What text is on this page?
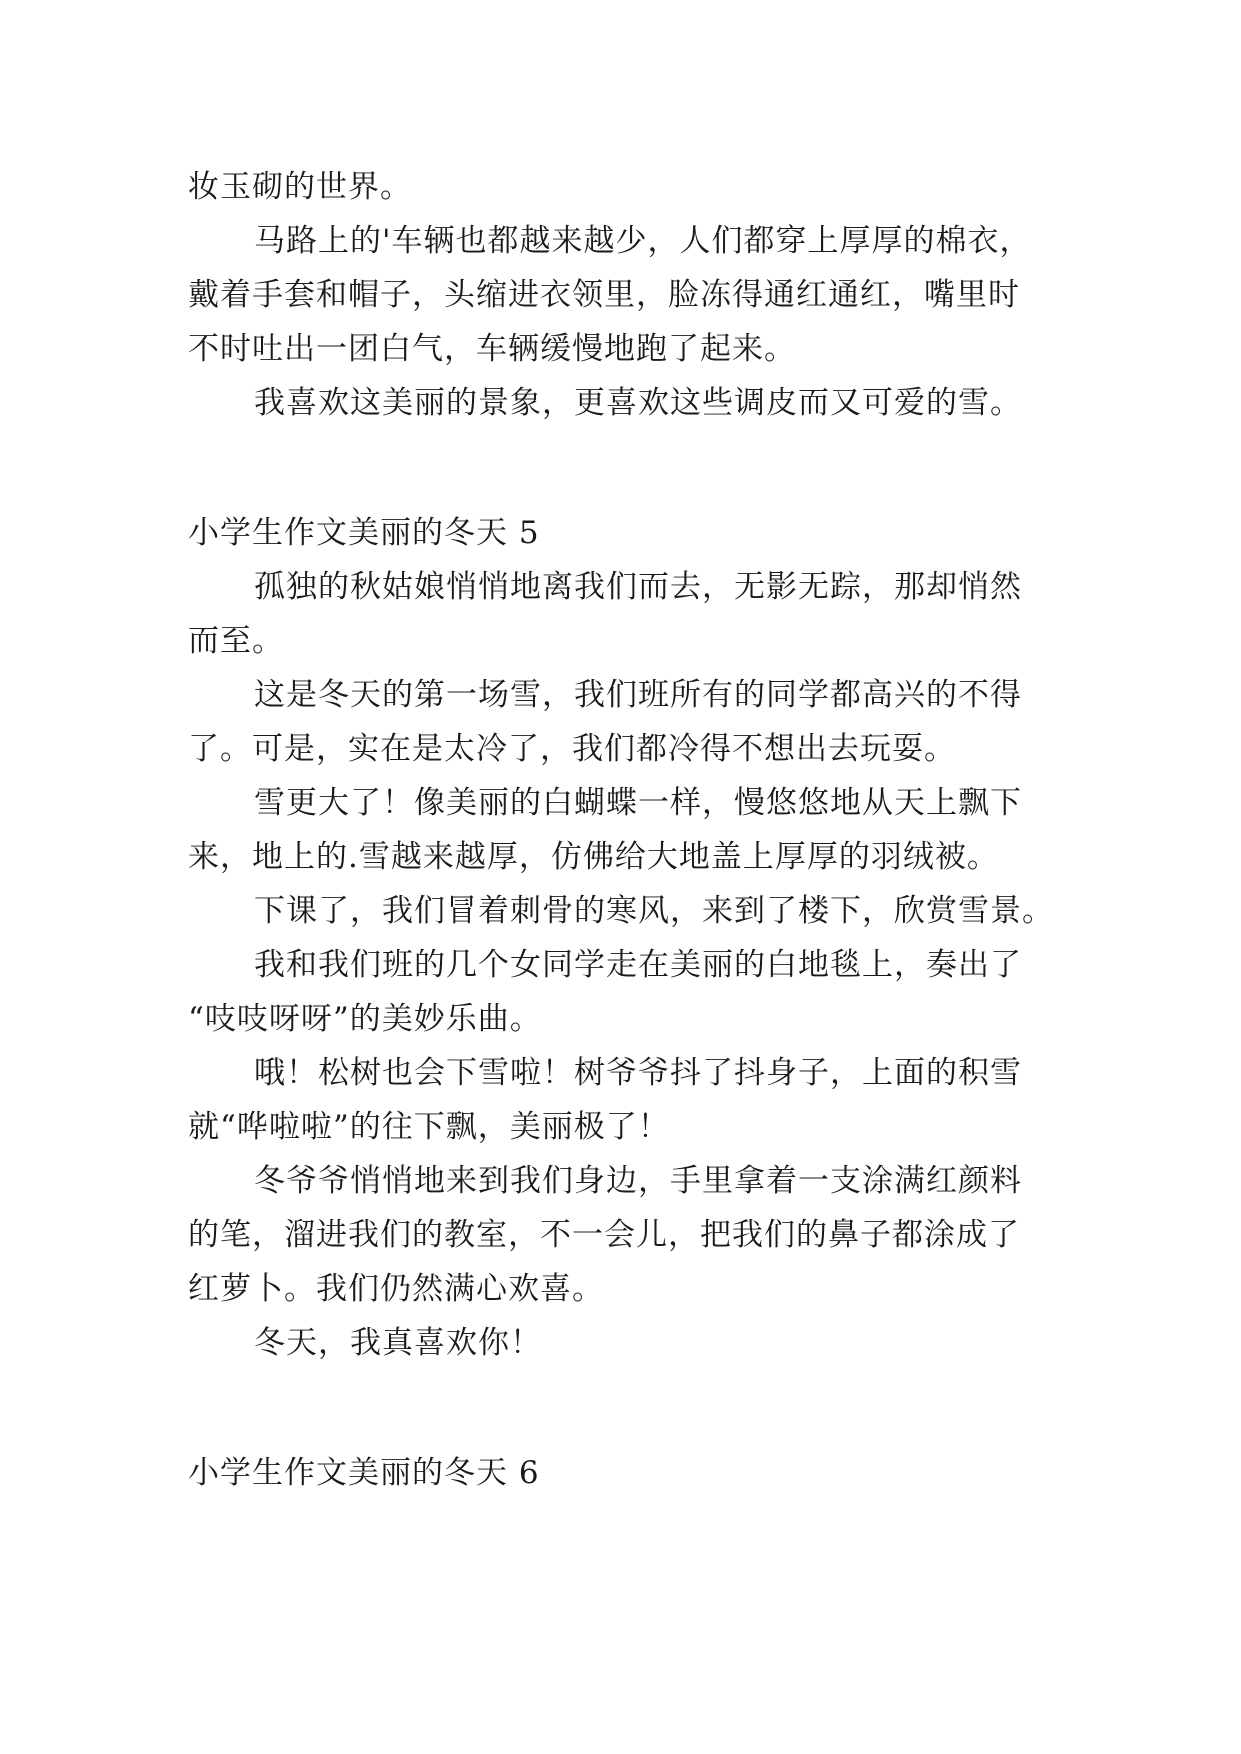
妆玉砌的世界。
马路上的'车辆也都越来越少，人们都穿上厚厚的棉衣，
戴着手套和帽子，头缩进衣领里，脸冻得通红通红，嘴里时
不时吐出一团白气，车辆缓慢地跑了起来。
我喜欢这美丽的景象，更喜欢这些调皮而又可爱的雪。
小学生作文美丽的冬天 5
孤独的秋姑娘悄悄地离我们而去，无影无踪，那却悄然
而至。
这是冬天的第一场雪，我们班所有的同学都高兴的不得
了。可是，实在是太冷了，我们都冷得不想出去玩耍。
雪更大了！像美丽的白蝴蝶一样，慢悠悠地从天上飘下
来，地上的.雪越来越厚，仿佛给大地盖上厚厚的羽绒被。
下课了，我们冒着刺骨的寒风，来到了楼下，欣赏雪景。
我和我们班的几个女同学走在美丽的白地毯上，奏出了
“吱吱呀呀”的美妙乐曲。
哦！松树也会下雪啦！树爷爷抖了抖身子，上面的积雪
就“哗啦啦”的往下飘，美丽极了！
冬爷爷悄悄地来到我们身边，手里拿着一支涂满红颜料
的笔，溜进我们的教室，不一会儿，把我们的鼻子都涂成了
红萝卜。我们仍然满心欢喜。
冬天，我真喜欢你！
小学生作文美丽的冬天 6
